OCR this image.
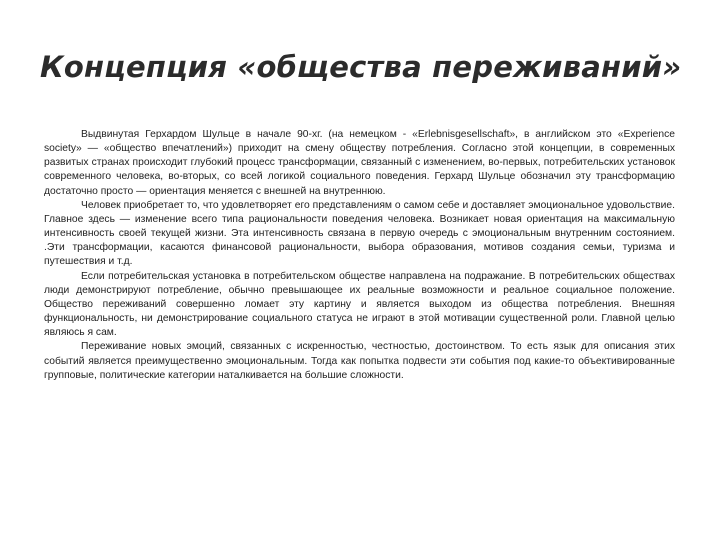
Концепция «общества переживаний»

Выдвинутая Герхардом Шульце в начале 90-хг. (на немецком - «Erlebnisgesellschaft», в английском это «Experience society» — «общество впечатлений») приходит на смену обществу потребления. Согласно этой концепции, в современных развитых странах происходит глубокий процесс трансформации, связанный с изменением, во-первых, потребительских установок современного человека, во-вторых, со всей логикой социального поведения. Герхард Шульце обозначил эту трансформацию достаточно просто — ориентация меняется с внешней на внутреннюю.

Человек приобретает то, что удовлетворяет его представлениям о самом себе и доставляет эмоциональное удовольствие. Главное здесь — изменение всего типа рациональности поведения человека. Возникает новая ориентация на максимальную интенсивность своей текущей жизни. Эта интенсивность связана в первую очередь с эмоциональным внутренним состоянием. .Эти трансформации, касаются финансовой рациональности, выбора образования, мотивов создания семьи, туризма и путешествия и т.д.

Если потребительская установка в потребительском обществе направлена на подражание. В потребительских обществах люди демонстрируют потребление, обычно превышающее их реальные возможности и реальное социальное положение. Общество переживаний совершенно ломает эту картину и является выходом из общества потребления. Внешняя функциональность, ни демонстрирование социального статуса не играют в этой мотивации существенной роли. Главной целью являюсь я сам.

Переживание новых эмоций, связанных с искренностью, честностью, достоинством. То есть язык для описания этих событий является преимущественно эмоциональным. Тогда как попытка подвести эти события под какие-то объективированные групповые, политические категории наталкивается на большие сложности.
